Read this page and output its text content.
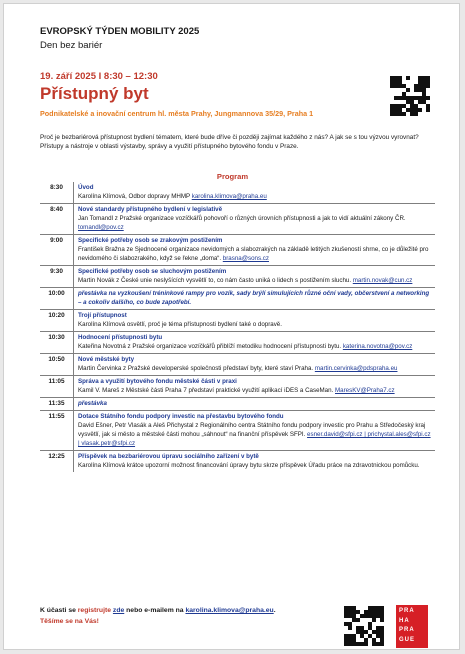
EVROPSKÝ TÝDEN MOBILITY 2025
Den bez bariér
19. září 2025 I 8:30 – 12:30
Přístupný byt
Podnikatelské a inovační centrum hl. města Prahy, Jungmannova 35/29, Praha 1
Proč je bezbariérová přístupnost bydlení tématem, které bude dříve či později zajímat každého z nás? A jak se s tou výzvou vyrovnat? Přístupy a nástroje v oblasti výstavby, správy a využití přístupného bytového fondu v Praze.
Program
8:30	Úvod
Karolína Klímová, Odbor dopravy MHMP karolina.klimova@praha.eu
8:40	Nové standardy přístupného bydlení v legislativě
Jan Tomandl z Pražské organizace vozíčkářů pohovoří o různých úrovních přístupnosti a jak to vidí aktuální zákony ČR. tomandl@pov.cz
9:00	Specifické potřeby osob se zrakovým postižením
František Bražna ze Sjednocené organizace nevidomých a slabozrakých na základě letitých zkušeností shrne, co je důležité pro nevidomého či slabozrakého, když se řekne „doma“. brasna@sons.cz
9:30	Specifické potřeby osob se sluchovým postižením
Martin Novák z České unie neslyšících vysvětlí to, co nám často uniká o lidech s postižením sluchu. martin.novak@cun.cz
10:00	přestávka na vyzkoušení tréninkové rampy pro vozík, sady brýlí simulujících různé oční vady, občerstvení a networking – a cokoliv dalšího, co bude zapotřebí.
10:20	Trojí přístupnost
Karolína Klímová osvětlí, proč je téma přístupnosti bydlení také o dopravě.
10:30	Hodnocení přístupnosti bytu
Kateřina Novotná z Pražské organizace vozíčkářů přiblíží metodiku hodnocení přístupnosti bytu. katerina.novotna@pov.cz
10:50	Nové městské byty
Martin Červinka z Pražské developerské společnosti představí byty, které staví Praha. martin.cervinka@pdspraha.eu
11:05	Správa a využití bytového fondu městské části v praxi
Kamil V. Mareš z Městské části Praha 7 představí praktické využití aplikací iDES a CaseMan. MaresKV@Praha7.cz
11:35	přestávka
11:55	Dotace Státního fondu podpory investic na přestavbu bytového fondu
David Ešner, Petr Vlasák a Aleš Přichystal z Regionálního centra Státního fondu podpory investic pro Prahu a Středočeský kraj vysvětlí, jak si město a městské části mohou „sáhnout“ na finanční příspěvek SFPI. esner.david@sfpi.cz | prichystal.ales@sfpi.cz | vlasak.petr@sfpi.cz
12:25	Příspěvek na bezbariérovou úpravu sociálního zařízení v bytě
Karolína Klímová krátce upozorní možnost financování úpravy bytu skrze příspěvek Úřadu práce na zdravotnickou pomůcku.
K účasti se registrujte zde nebo e-mailem na karolina.klimova@praha.eu.
Těšíme se na Vás!
PRA
HA
PRA
GUE
